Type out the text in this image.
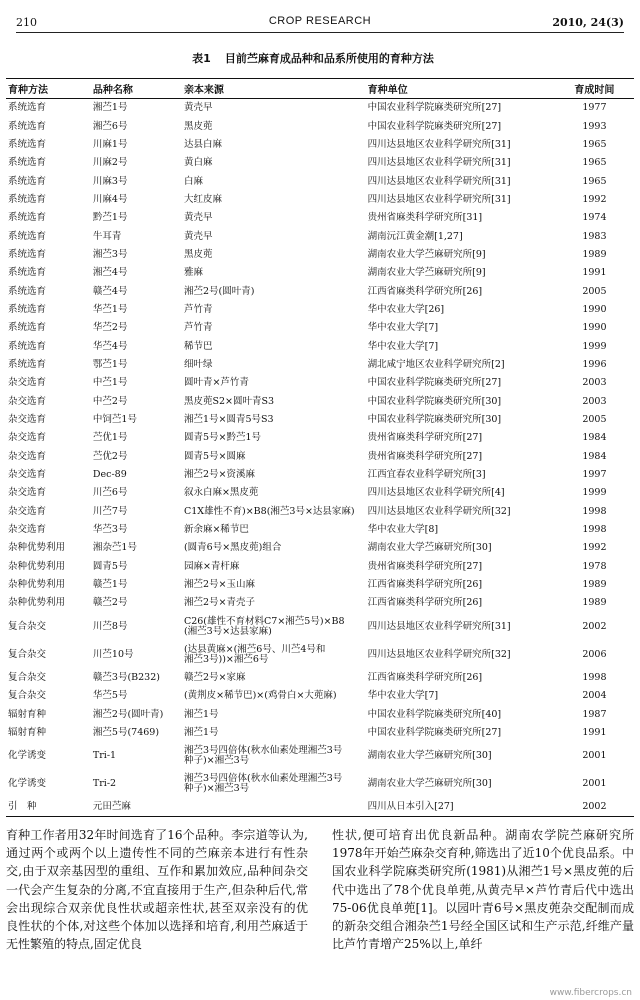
210	CROP RESEARCH	2010, 24(3)
表1 目前苎麻育成品种和品系所使用的育种方法
育种方法	品种名称	亲本来源	育种单位	育成时间
系统选育	湘苎1号	黄壳早	中国农业科学院麻类研究所[27]	1977
系统选育	湘苎6号	黑皮蔸	中国农业科学院麻类研究所[27]	1993
系统选育	川麻1号	达县白麻	四川达县地区农业科学研究所[31]	1965
系统选育	川麻2号	黄白麻	四川达县地区农业科学研究所[31]	1965
系统选育	川麻3号	白麻	四川达县地区农业科学研究所[31]	1965
系统选育	川麻4号	大红皮麻	四川达县地区农业科学研究所[31]	1992
系统选育	黔苎1号	黄壳早	贵州省麻类科学研究所[31]	1974
系统选育	牛耳青	黄壳早	湖南沅江黄金潮[1,27]	1983
系统选育	湘苎3号	黑皮蔸	湖南农业大学苎麻研究所[9]	1989
系统选育	湘苎4号	雅麻	湖南农业大学苎麻研究所[9]	1991
系统选育	赣苎4号	湘苎2号(圆叶青)	江西省麻类科学研究所[26]	2005
系统选育	华苎1号	芦竹青	华中农业大学[26]	1990
系统选育	华苎2号	芦竹青	华中农业大学[7]	1990
系统选育	华苎4号	稀节巴	华中农业大学[7]	1999
系统选育	鄂苎1号	细叶绿	湖北咸宁地区农业科学研究所[2]	1996
杂交选育	中苎1号	圆叶青×芦竹青	中国农业科学院麻类研究所[27]	2003
杂交选育	中苎2号	黑皮蔸S2×圆叶青S3	中国农业科学院麻类研究所[30]	2003
杂交选育	中饲苎1号	湘苎1号×圆青5号S3	中国农业科学院麻类研究所[30]	2005
杂交选育	苎优1号	圆青5号×黔苎1号	贵州省麻类科学研究所[27]	1984
杂交选育	苎优2号	圆青5号×圆麻	贵州省麻类科学研究所[27]	1984
杂交选育	Dec-89	湘苎2号×资溪麻	江西宜春农业科学研究所[3]	1997
杂交选育	川苎6号	叙永白麻×黑皮蔸	四川达县地区农业科学研究所[4]	1999
杂交选育	川苎7号	C1X雄性不育)×B8(湘苎3号×达县家麻)	四川达县地区农业科学研究所[32]	1998
杂交选育	华苎3号	新余麻×稀节巴	华中农业大学[8]	1998
杂种优势利用	湘杂苎1号	(圆青6号×黑皮蔸)组合	湖南农业大学苎麻研究所[30]	1992
杂种优势利用	圆青5号	园麻×青杆麻	贵州省麻类科学研究所[27]	1978
杂种优势利用	赣苎1号	湘苎2号×玉山麻	江西省麻类科学研究所[26]	1989
杂种优势利用	赣苎2号	湘苎2号×青壳子	江西省麻类科学研究所[26]	1989
复合杂交	川苎8号	C26(雄性不育材料C7×湘苎5号)×B8
(湘苎3号×达县家麻)	四川达县地区农业科学研究所[31]	2002
复合杂交	川苎10号	(达县黄麻×(湘苎6号、川苎4号和
湘苎3号))×湘苎6号	四川达县地区农业科学研究所[32]	2006
复合杂交	赣苎3号(B232)	赣苎2号×家麻	江西省麻类科学研究所[26]	1998
复合杂交	华苎5号	(黄荆皮×稀节巴)×(鸡骨白×大蔸麻)	华中农业大学[7]	2004
辐射育种	湘苎2号(圆叶青)	湘苎1号	中国农业科学院麻类研究所[40]	1987
辐射育种	湘苎5号(7469)	湘苎1号	中国农业科学院麻类研究所[27]	1991
化学诱变	Tri-1	湘苎3号四倍体(秋水仙素处理湘苎3号
种子)×湘苎3号	湖南农业大学苎麻研究所[30]	2001
化学诱变	Tri-2	湘苎3号四倍体(秋水仙素处理湘苎3号
种子)×湘苎3号	湖南农业大学苎麻研究所[30]	2001
引　种	元田苎麻		四川从日本引入[27]	2002
育种工作者用32年时间选育了16个品种。李宗道等认为,通过两个或两个以上遗传性不同的苎麻亲本进行有性杂交,由于双亲基因型的重组、互作和累加效应,品种间杂交一代会产生复杂的分离,不宜直接用于生产,但杂种后代,常会出现综合双亲优良性状或超亲性状,甚至双亲没有的优良性状的个体,对这些个体加以选择和培育,利用苎麻适于无性繁殖的特点,固定优良
性状,便可培育出优良新品种。湖南农学院苎麻研究所1978年开始苎麻杂交育种,筛选出了近10个优良品系。中国农业科学院麻类研究所(1981)从湘苎1号×黑皮蔸的后代中选出了78个优良单蔸,从黄壳早×芦竹青后代中选出75-06优良单蔸[1]。以园叶青6号×黑皮蔸杂交配制而成的新杂交组合湘杂苎1号经全国区试和生产示范,纤维产量比芦竹青增产25%以上,单纤
www.fibercrops.cn
